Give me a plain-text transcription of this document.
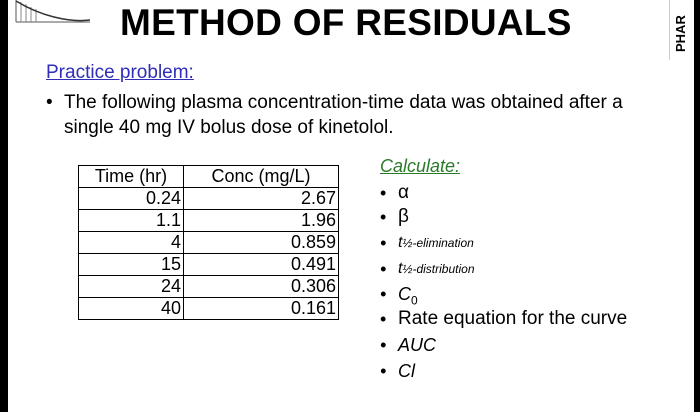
METHOD OF RESIDUALS	PHAR
Practice problem:
• The following plasma concentration-time data was obtained after a single 40 mg IV bolus dose of kinetolol.
Time (hr)	Conc (mg/L)
0.24	2.67
1.1	1.96
4	0.859
15	0.491
24	0.306
40	0.161
Calculate:
• α
• β
• t½-elimination
• t½-distribution
• $C_0$
• Rate equation for the curve
• AUC
• Cl
